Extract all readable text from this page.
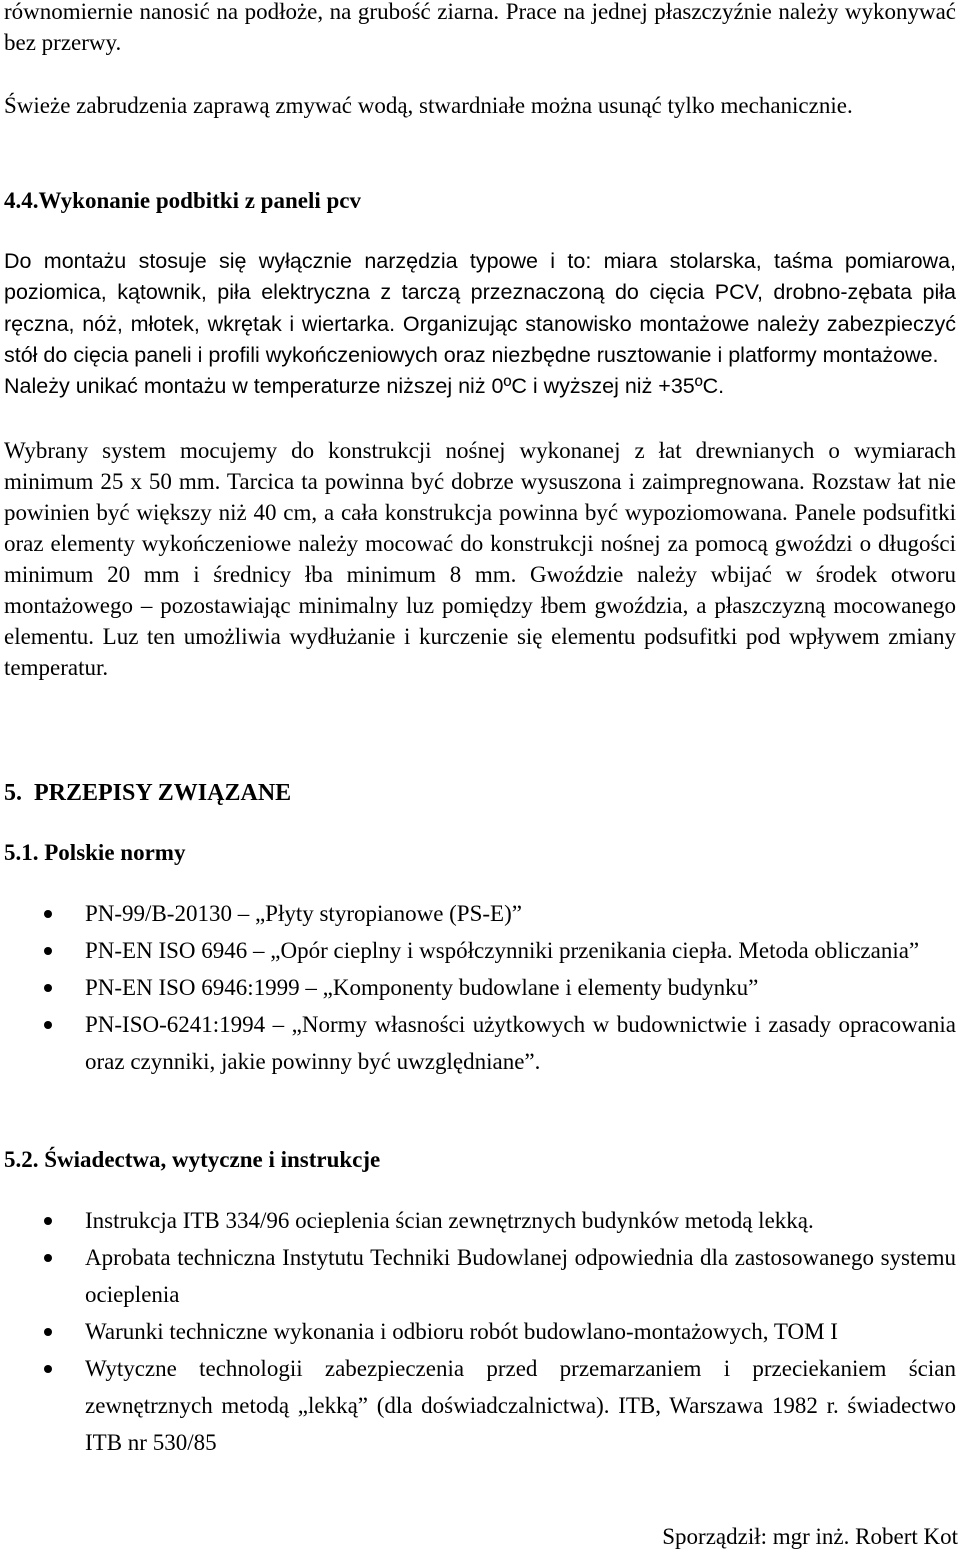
równomiernie nanosić na podłoże, na grubość ziarna. Prace na jednej płaszczyźnie należy wykonywać bez przerwy.

Świeże zabrudzenia zaprawą zmywać wodą, stwardniałe można usunąć tylko mechanicznie.

4.4.Wykonanie podbitki z paneli pcv
Do montażu stosuje się wyłącznie narzędzia typowe i to: miara stolarska, taśma pomiarowa, poziomica, kątownik, piła elektryczna z tarczą przeznaczoną do cięcia PCV, drobno-zębata piła ręczna, nóż, młotek, wkrętak i wiertarka. Organizując stanowisko montażowe należy zabezpieczyć stół do cięcia paneli i profili wykończeniowych oraz niezbędne rusztowanie i platformy montażowe.
Należy unikać montażu w temperaturze niższej niż 0ºC i wyższej niż +35ºC.

Wybrany system mocujemy do konstrukcji nośnej wykonanej z łat drewnianych o wymiarach minimum 25 x 50 mm. Tarcica ta powinna być dobrze wysuszona i zaimpregnowana. Rozstaw łat nie powinien być większy niż 40 cm, a cała konstrukcja powinna być wypoziomowana. Panele podsufitki oraz elementy wykończeniowe należy mocować do konstrukcji nośnej za pomocą gwoździ o długości minimum 20 mm i średnicy łba minimum 8 mm. Gwoździe należy wbijać w środek otworu montażowego – pozostawiając minimalny luz pomiędzy łbem gwoździa, a płaszczyzną mocowanego elementu. Luz ten umożliwia wydłużanie i kurczenie się elementu podsufitki pod wpływem zmiany temperatur.

5.  PRZEPISY ZWIĄZANE
5.1. Polskie normy
PN-99/B-20130 – „Płyty styropianowe (PS-E)”
PN-EN ISO 6946 – „Opór cieplny i współczynniki przenikania ciepła. Metoda obliczania”
PN-EN ISO 6946:1999 – „Komponenty budowlane i elementy budynku”
PN-ISO-6241:1994 – „Normy własności użytkowych w budownictwie i zasady opracowania oraz czynniki, jakie powinny być uwzględniane”.
5.2. Świadectwa, wytyczne i instrukcje
Instrukcja ITB 334/96 ocieplenia ścian zewnętrznych budynków metodą lekką.
Aprobata techniczna Instytutu Techniki Budowlanej odpowiednia dla zastosowanego systemu ocieplenia
Warunki techniczne wykonania i odbioru robót budowlano-montażowych, TOM I
Wytyczne technologii zabezpieczenia przed przemarzaniem i przeciekaniem ścian zewnętrznych metodą „lekką” (dla doświadczalnictwa). ITB, Warszawa 1982 r. świadectwo ITB nr 530/85
Sporządził: mgr inż. Robert Kot
